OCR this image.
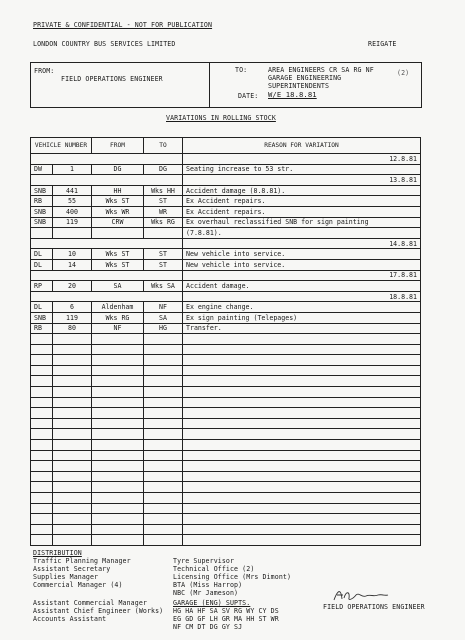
PRIVATE & CONFIDENTIAL - NOT FOR PUBLICATION
LONDON COUNTRY BUS SERVICES LIMITED	REIGATE
FROM:
FIELD OPERATIONS ENGINEER
TO:	AREA ENGINEERS CR SA RG NF
GARAGE ENGINEERING
SUPERINTENDENTS
DATE: W/E 18.8.81
(2)
VARIATIONS IN ROLLING STOCK
VEHICLE NUMBER		FROM	TO	REASON FOR VARIATION
				12.8.81
DW	1	DG	DG	Seating increase to 53 str.
				13.8.81
SNB	441	HH	Wks HH	Accident damage (8.8.81).
RB	55	Wks ST	ST	Ex Accident repairs.
SNB	400	Wks WR	WR	Ex Accident repairs.
SNB	119	CRW	Wks RG	Ex overhaul reclassified SNB for sign painting
				(7.8.81).
				14.8.81
DL	10	Wks ST	ST	New vehicle into service.
DL	14	Wks ST	ST	New vehicle into service.
				17.8.81
RP	20	SA	Wks SA	Accident damage.
				18.8.81
DL	6	Aldenham	NF	Ex engine change.
SNB	119	Wks RG	SA	Ex sign painting (Telepages)
RB	80	NF	HG	Transfer.

DISTRIBUTION
Traffic Planning Manager
Assistant Secretary
Supplies Manager
Commercial Manager (4)
Assistant Commercial Manager
Assistant Chief Engineer (Works)
Accounts Assistant
Tyre Supervisor
Technical Office (2)
Licensing Office (Mrs Dimont)
BTA (Miss Harrop)
NBC (Mr Jameson)
GARAGE (ENG) SUPTS.
HG HA HF SA SV RG WY CY DS
EG GD GF LH GR MA HH ST WR
NF CM DT DG GY SJ
FIELD OPERATIONS ENGINEER
